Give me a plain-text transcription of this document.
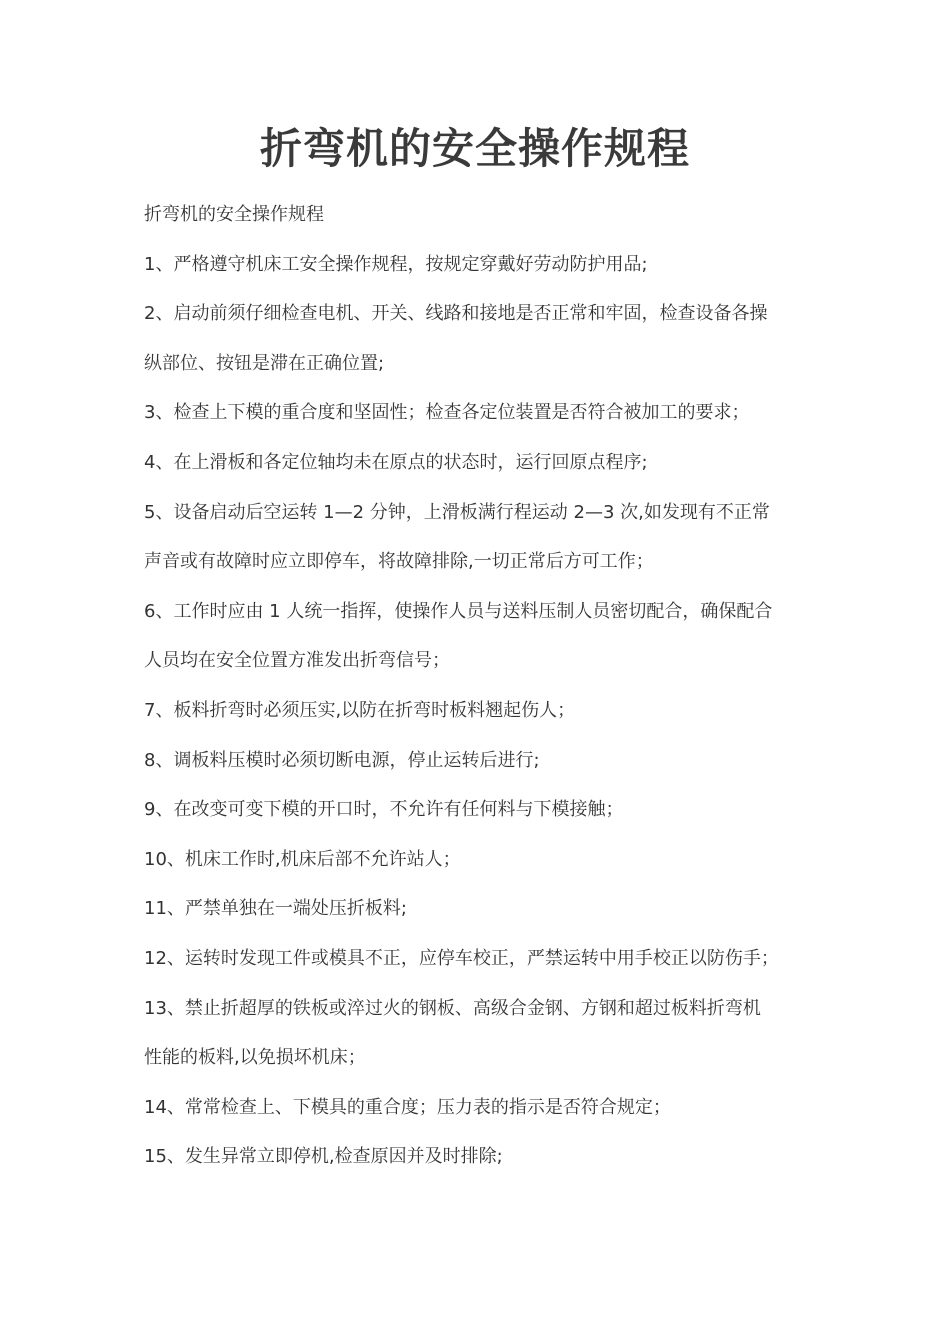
折弯机的安全操作规程

折弯机的安全操作规程

1、严格遵守机床工安全操作规程，按规定穿戴好劳动防护用品;

2、启动前须仔细检查电机、开关、线路和接地是否正常和牢固，检查设备各操

纵部位、按钮是滞在正确位置;

3、检查上下模的重合度和坚固性；检查各定位装置是否符合被加工的要求；

4、在上滑板和各定位轴均未在原点的状态时，运行回原点程序;

5、设备启动后空运转 1—2 分钟，上滑板满行程运动 2—3 次,如发现有不正常

声音或有故障时应立即停车，将故障排除,一切正常后方可工作；

6、工作时应由 1 人统一指挥，使操作人员与送料压制人员密切配合，确保配合

人员均在安全位置方准发出折弯信号；

7、板料折弯时必须压实,以防在折弯时板料翘起伤人；

8、调板料压模时必须切断电源，停止运转后进行;

9、在改变可变下模的开口时，不允许有任何料与下模接触；

10、机床工作时,机床后部不允许站人；

11、严禁单独在一端处压折板料;

12、运转时发现工件或模具不正，应停车校正，严禁运转中用手校正以防伤手；

13、禁止折超厚的铁板或淬过火的钢板、高级合金钢、方钢和超过板料折弯机

性能的板料,以免损坏机床；

14、常常检查上、下模具的重合度；压力表的指示是否符合规定；

15、发生异常立即停机,检查原因并及时排除;
